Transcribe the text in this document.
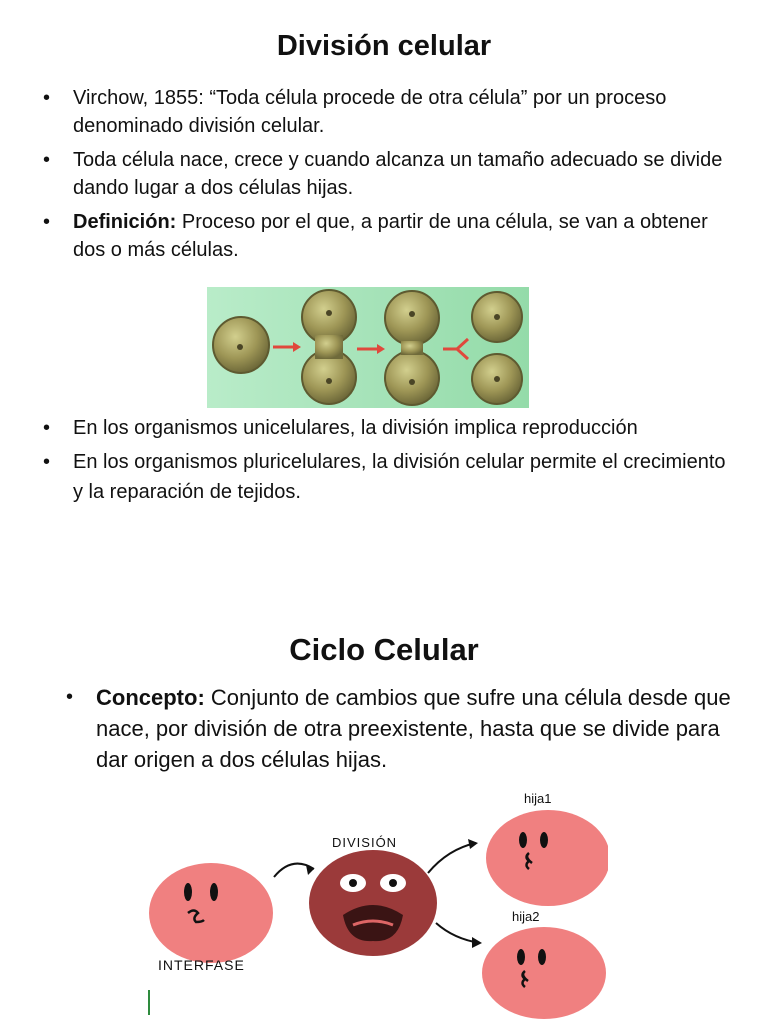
División celular
• Virchow, 1855: “Toda célula procede de otra célula” por un proceso denominado división celular.
• Toda célula nace, crece y cuando alcanza un tamaño adecuado se divide dando lugar a dos células hijas.
• Definición: Proceso por el que, a partir de una célula, se van a obtener dos o más células.
• En los organismos unicelulares, la división implica reproducción
• En los organismos pluricelulares, la división celular permite el crecimiento y la reparación de tejidos.
Ciclo Celular
• Concepto: Conjunto de cambios que sufre una célula desde que nace, por división de otra preexistente, hasta que se divide para dar origen a dos células hijas.
INTERFASE
DIVISIÓN
hija1
hija2
